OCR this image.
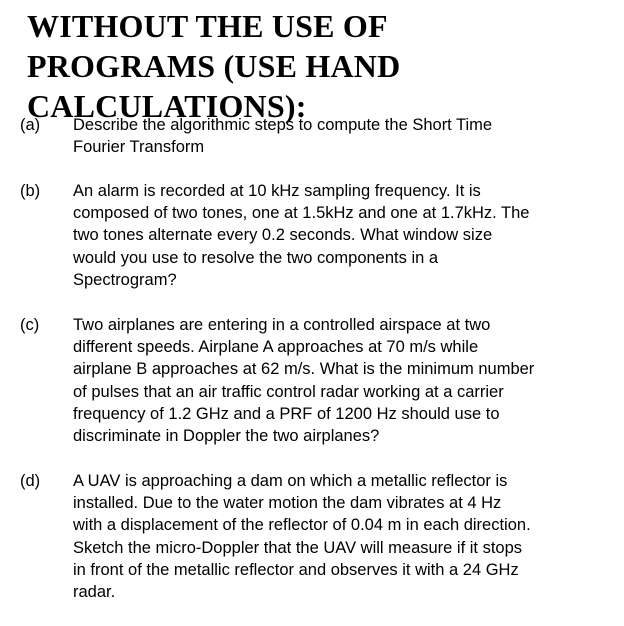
WITHOUT THE USE OF
PROGRAMS (USE HAND
CALCULATIONS):
(a)	Describe the algorithmic steps to compute the Short Time
Fourier Transform
(b)	An alarm is recorded at 10 kHz sampling frequency. It is
composed of two tones, one at 1.5kHz and one at 1.7kHz. The
two tones alternate every 0.2 seconds. What window size
would you use to resolve the two components in a
Spectrogram?
(c)	Two airplanes are entering in a controlled airspace at two
different speeds. Airplane A approaches at 70 m/s while
airplane B approaches at 62 m/s. What is the minimum number
of pulses that an air traffic control radar working at a carrier
frequency of 1.2 GHz and a PRF of 1200 Hz should use to
discriminate in Doppler the two airplanes?
(d)	A UAV is approaching a dam on which a metallic reflector is
installed. Due to the water motion the dam vibrates at 4 Hz
with a displacement of the reflector of 0.04 m in each direction.
Sketch the micro-Doppler that the UAV will measure if it stops
in front of the metallic reflector and observes it with a 24 GHz
radar.
